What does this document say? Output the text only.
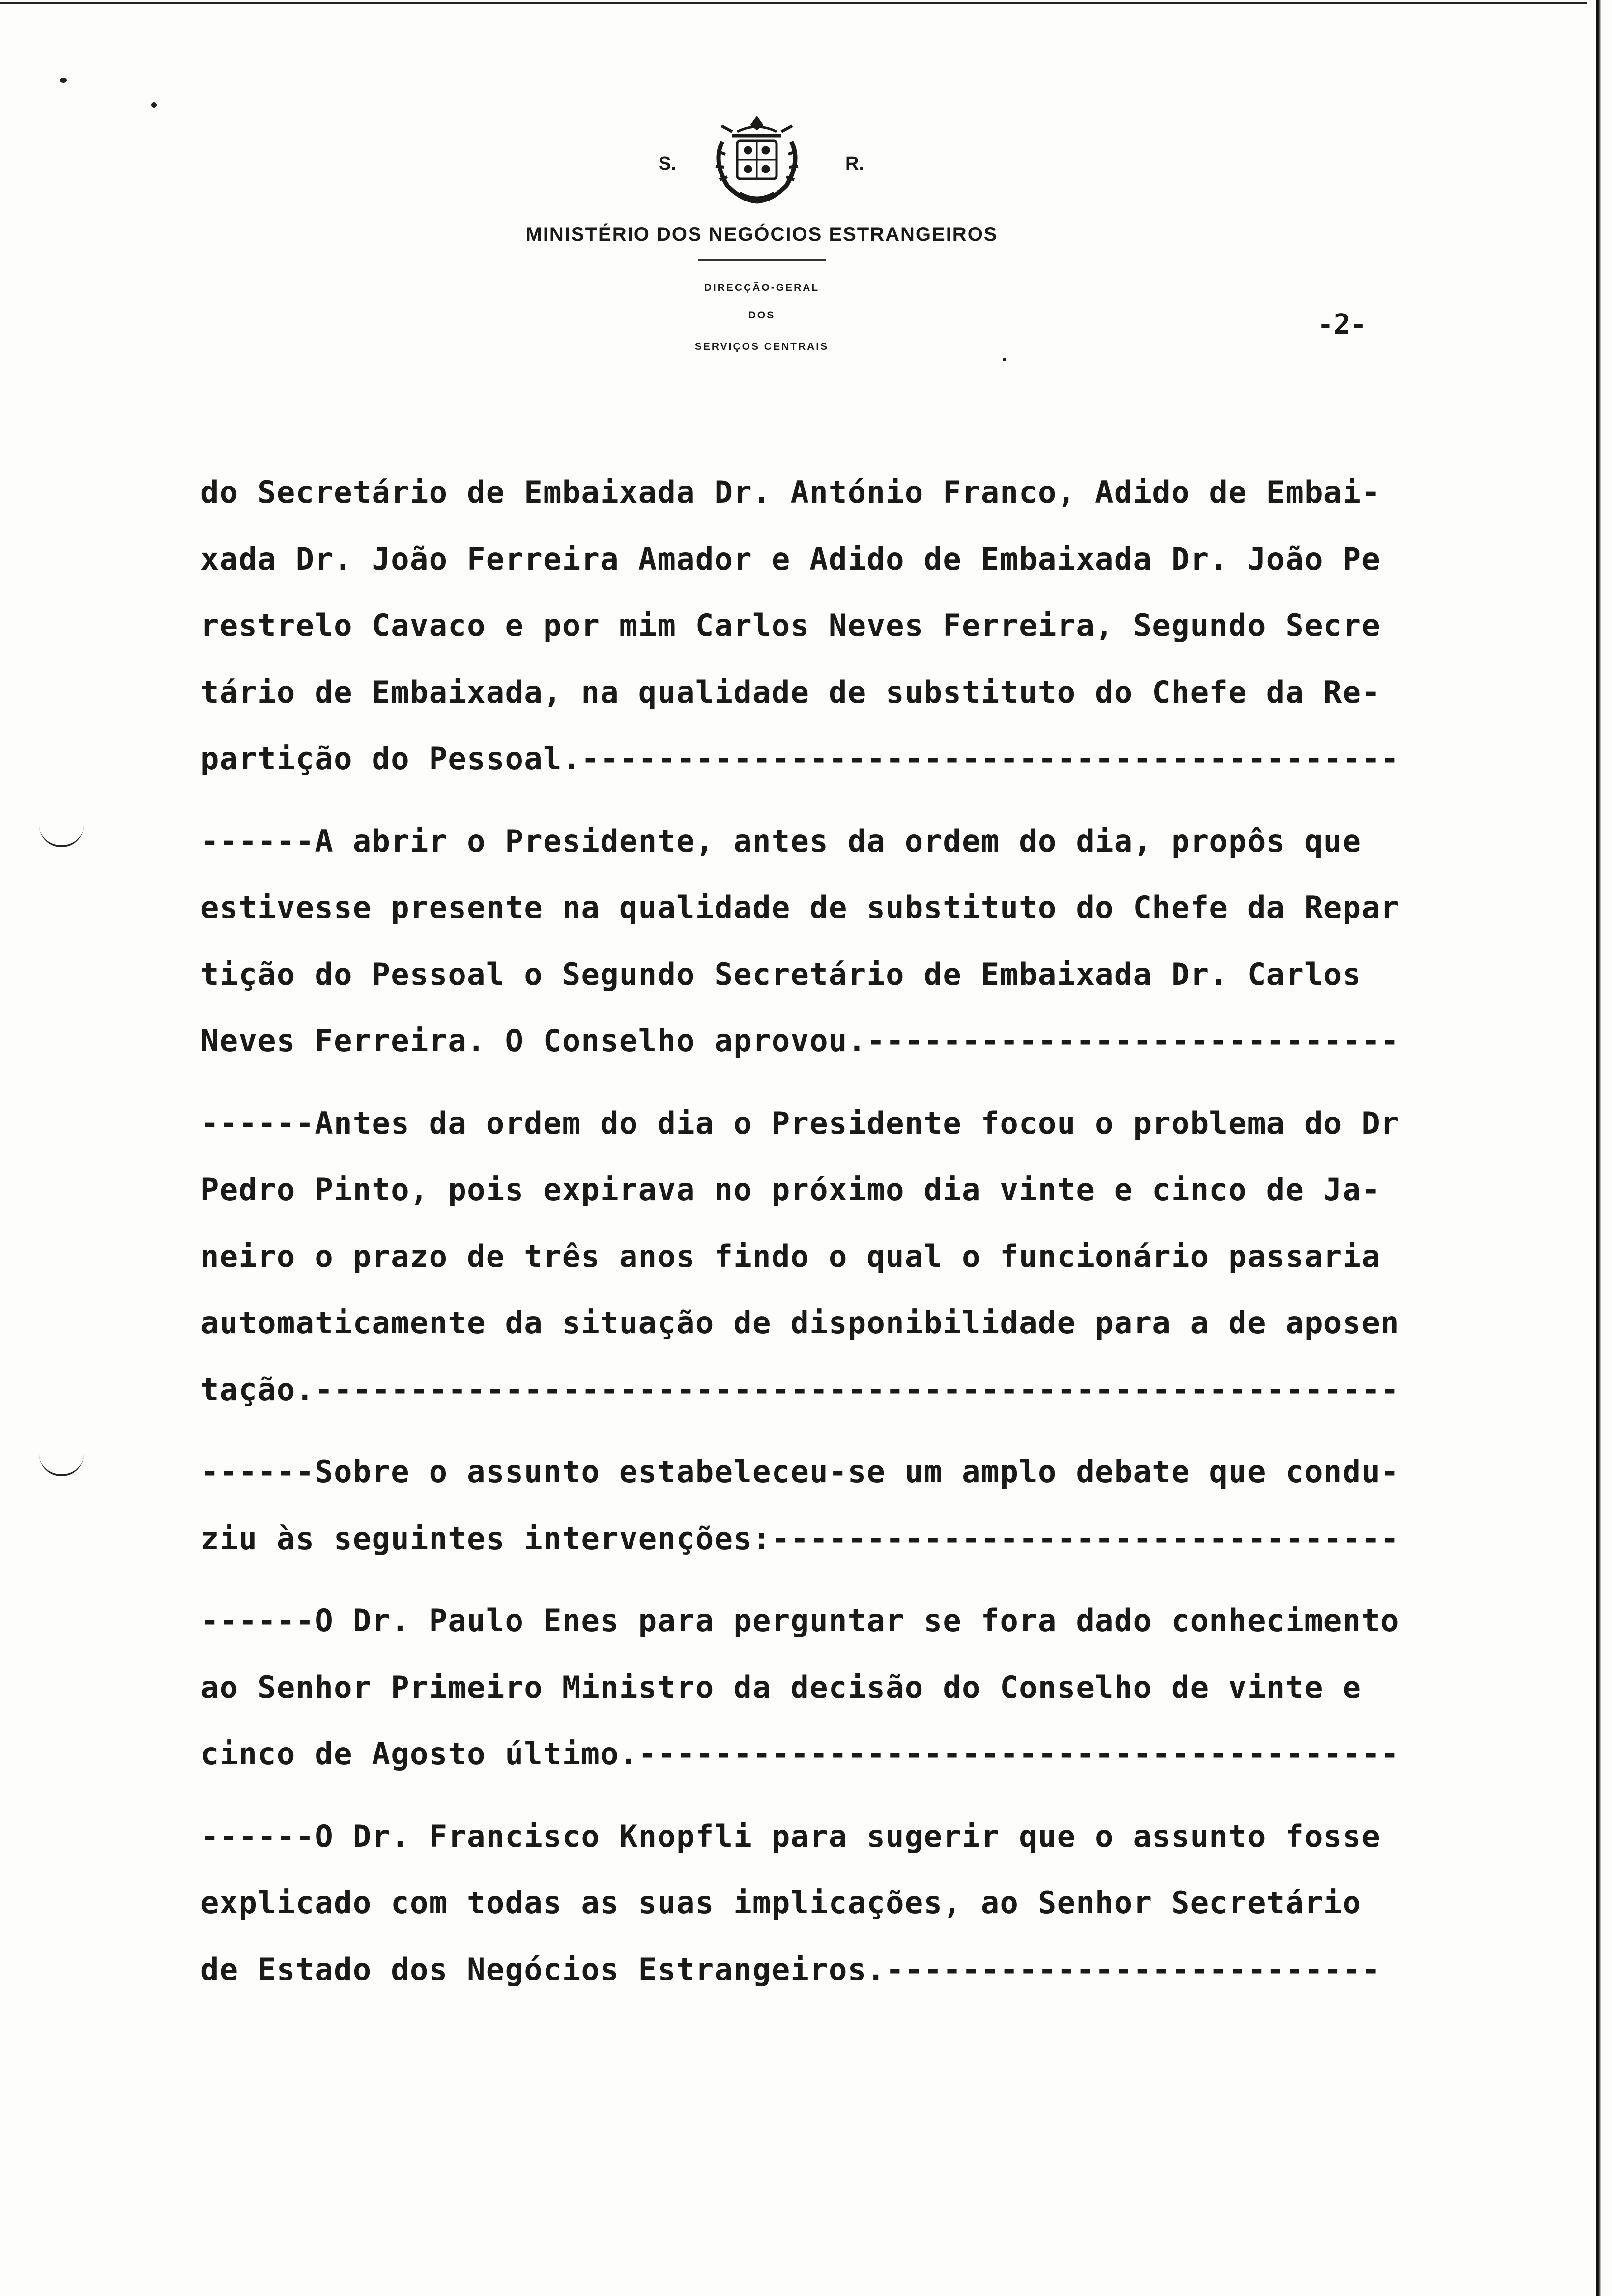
S.	R.
MINISTÉRIO DOS NEGÓCIOS ESTRANGEIROS
DIRECÇÃO-GERAL
DOS
SERVIÇOS CENTRAIS
-2-
do Secretário de Embaixada Dr. António Franco, Adido de Embai-
xada Dr. João Ferreira Amador e Adido de Embaixada Dr. João Pe
restrelo Cavaco e por mim Carlos Neves Ferreira, Segundo Secre
tário de Embaixada, na qualidade de substituto do Chefe da Re-
partição do Pessoal.-------------------------------------------
------A abrir o Presidente, antes da ordem do dia, propôs que
estivesse presente na qualidade de substituto do Chefe da Repar
tição do Pessoal o Segundo Secretário de Embaixada Dr. Carlos
Neves Ferreira. O Conselho aprovou.----------------------------
------Antes da ordem do dia o Presidente focou o problema do Dr
Pedro Pinto, pois expirava no próximo dia vinte e cinco de Ja-
neiro o prazo de três anos findo o qual o funcionário passaria
automaticamente da situação de disponibilidade para a de aposen
tação.---------------------------------------------------------
------Sobre o assunto estabeleceu-se um amplo debate que condu-
ziu às seguintes intervenções:---------------------------------
------O Dr. Paulo Enes para perguntar se fora dado conhecimento
ao Senhor Primeiro Ministro da decisão do Conselho de vinte e
cinco de Agosto último.----------------------------------------
------O Dr. Francisco Knopfli para sugerir que o assunto fosse
explicado com todas as suas implicações, ao Senhor Secretário
de Estado dos Negócios Estrangeiros.--------------------------
